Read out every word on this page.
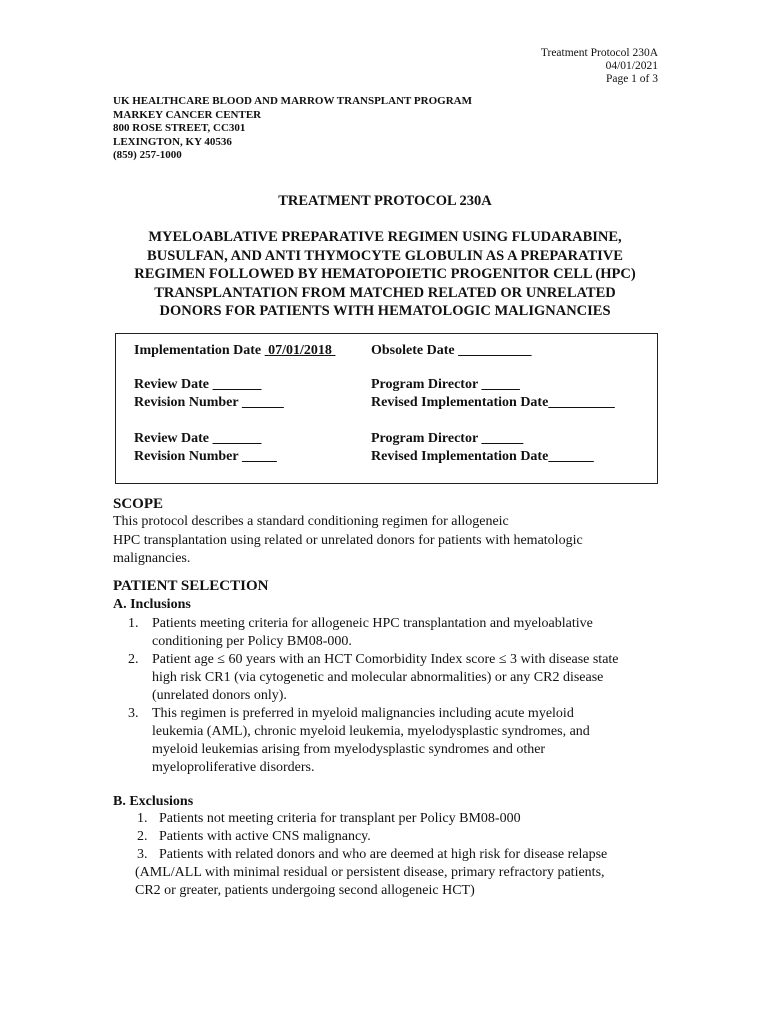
Treatment Protocol 230A
04/01/2021
Page 1 of 3
UK HEALTHCARE BLOOD AND MARROW TRANSPLANT PROGRAM
MARKEY CANCER CENTER
800 ROSE STREET, CC301
LEXINGTON, KY 40536
(859) 257-1000
TREATMENT PROTOCOL 230A
MYELOABLATIVE PREPARATIVE REGIMEN USING FLUDARABINE,
BUSULFAN, AND ANTI THYMOCYTE GLOBULIN AS A PREPARATIVE
REGIMEN FOLLOWED BY HEMATOPOIETIC PROGENITOR CELL (HPC)
TRANSPLANTATION FROM MATCHED RELATED OR UNRELATED
DONORS FOR PATIENTS WITH HEMATOLOGIC MALIGNANCIES
Implementation Date 07/01/2018	Obsolete Date
Review Date
Revision Number
Program Director
Revised Implementation Date
Review Date
Revision Number
Program Director
Revised Implementation Date
SCOPE
This protocol describes a standard conditioning regimen for allogeneic
HPC transplantation using related or unrelated donors for patients with hematologic
malignancies.
PATIENT SELECTION
A. Inclusions
1. Patients meeting criteria for allogeneic HPC transplantation and myeloablative
conditioning per Policy BM08-000.
2. Patient age ≤ 60 years with an HCT Comorbidity Index score ≤ 3 with disease state
high risk CR1 (via cytogenetic and molecular abnormalities) or any CR2 disease
(unrelated donors only).
3. This regimen is preferred in myeloid malignancies including acute myeloid
leukemia (AML), chronic myeloid leukemia, myelodysplastic syndromes, and
myeloid leukemias arising from myelodysplastic syndromes and other
myeloproliferative disorders.
B. Exclusions
1. Patients not meeting criteria for transplant per Policy BM08-000
2. Patients with active CNS malignancy.
3. Patients with related donors and who are deemed at high risk for disease relapse
(AML/ALL with minimal residual or persistent disease, primary refractory patients,
CR2 or greater, patients undergoing second allogeneic HCT)
